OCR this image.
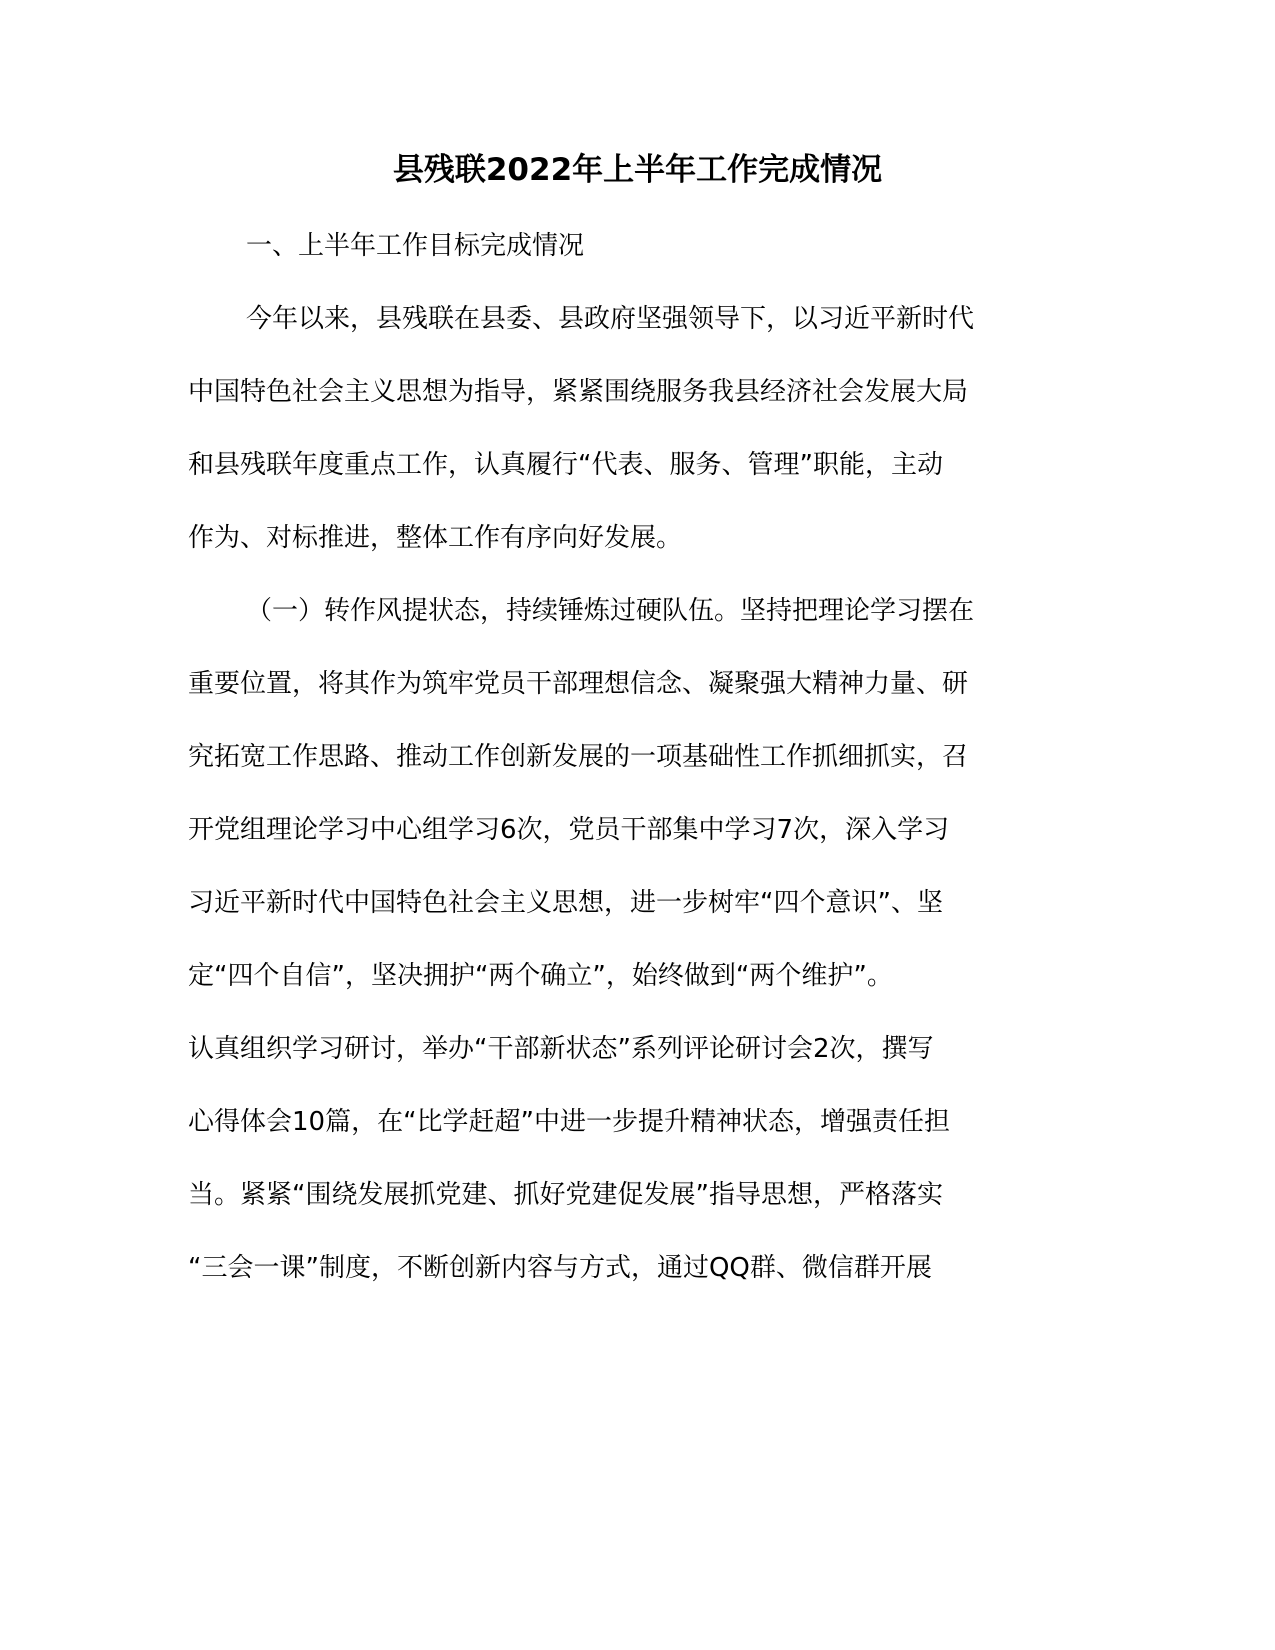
县残联2022年上半年工作完成情况
一、上半年工作目标完成情况
今年以来，县残联在县委、县政府坚强领导下，以习近平新时代
中国特色社会主义思想为指导，紧紧围绕服务我县经济社会发展大局
和县残联年度重点工作，认真履行“代表、服务、管理”职能，主动
作为、对标推进，整体工作有序向好发展。
（一）转作风提状态，持续锤炼过硬队伍。坚持把理论学习摆在
重要位置，将其作为筑牢党员干部理想信念、凝聚强大精神力量、研
究拓宽工作思路、推动工作创新发展的一项基础性工作抓细抓实，召
开党组理论学习中心组学习6次，党员干部集中学习7次，深入学习
习近平新时代中国特色社会主义思想，进一步树牢“四个意识”、坚
定“四个自信”，坚决拥护“两个确立”，始终做到“两个维护”。
认真组织学习研讨，举办“干部新状态”系列评论研讨会2次，撰写
心得体会10篇，在“比学赶超”中进一步提升精神状态，增强责任担
当。紧紧“围绕发展抓党建、抓好党建促发展”指导思想，严格落实
“三会一课”制度，不断创新内容与方式，通过QQ群、微信群开展
